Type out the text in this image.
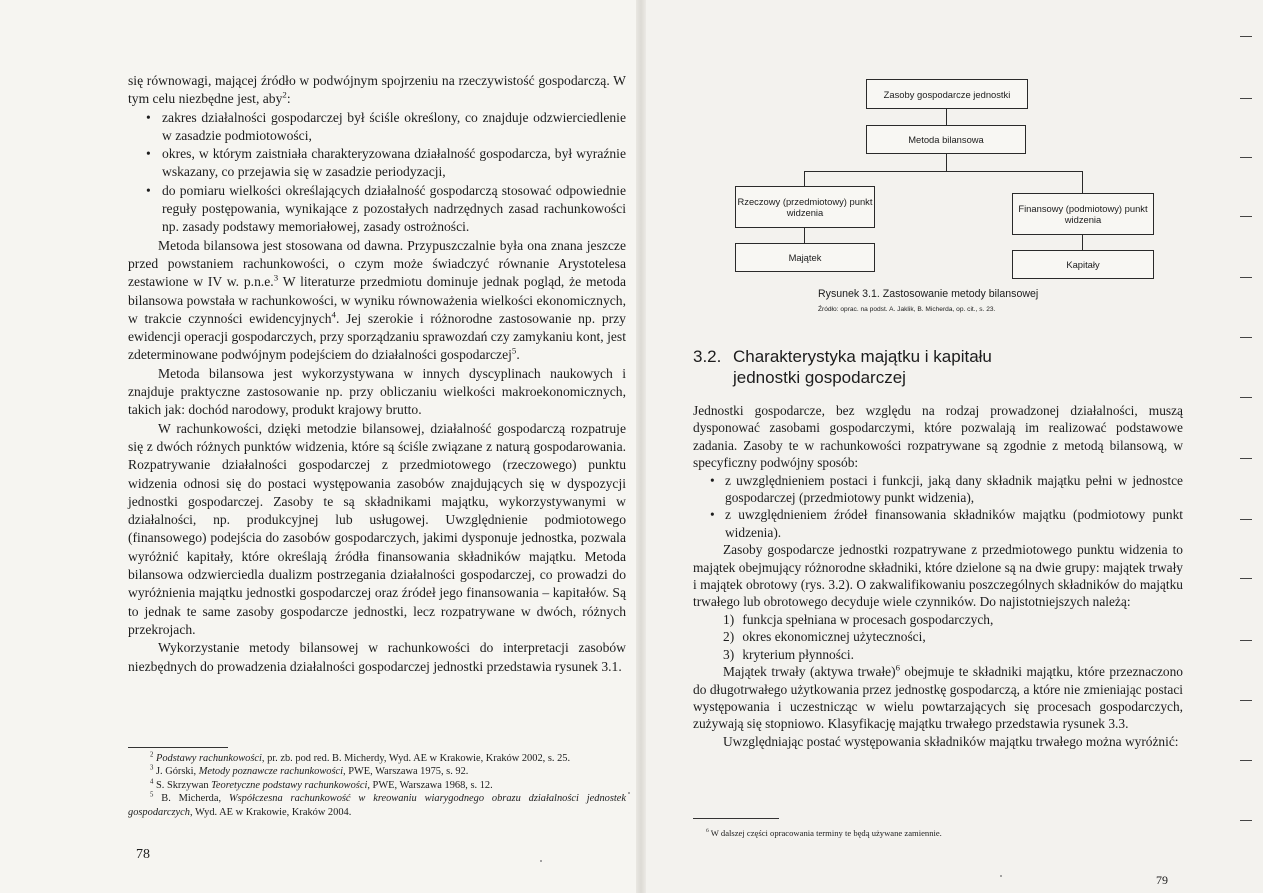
się równowagi, mającej źródło w podwójnym spojrzeniu na rzeczywistość gospodarczą. W tym celu niezbędne jest, aby$^2$:

• zakres działalności gospodarczej był ściśle określony, co znajduje odzwierciedlenie w zasadzie podmiotowości,
• okres, w którym zaistniała charakteryzowana działalność gospodarcza, był wyraźnie wskazany, co przejawia się w zasadzie periodyzacji,
• do pomiaru wielkości określających działalność gospodarczą stosować odpowiednie reguły postępowania, wynikające z pozostałych nadrzędnych zasad rachunkowości np. zasady podstawy memoriałowej, zasady ostrożności.

Metoda bilansowa jest stosowana od dawna. Przypuszczalnie była ona znana jeszcze przed powstaniem rachunkowości, o czym może świadczyć równanie Arystotelesa zestawione w IV w. p.n.e.$^3$ W literaturze przedmiotu dominuje jednak pogląd, że metoda bilansowa powstała w rachunkowości, w wyniku równoważenia wielkości ekonomicznych, w trakcie czynności ewidencyjnych$^4$. Jej szerokie i różnorodne zastosowanie np. przy ewidencji operacji gospodarczych, przy sporządzaniu sprawozdań czy zamykaniu kont, jest zdeterminowane podwójnym podejściem do działalności gospodarczej$^5$.

Metoda bilansowa jest wykorzystywana w innych dyscyplinach naukowych i znajduje praktyczne zastosowanie np. przy obliczaniu wielkości makroekonomicznych, takich jak: dochód narodowy, produkt krajowy brutto.

W rachunkowości, dzięki metodzie bilansowej, działalność gospodarczą rozpatruje się z dwóch różnych punktów widzenia, które są ściśle związane z naturą gospodarowania. Rozpatrywanie działalności gospodarczej z przedmiotowego (rzeczowego) punktu widzenia odnosi się do postaci występowania zasobów znajdujących się w dyspozycji jednostki gospodarczej. Zasoby te są składnikami majątku, wykorzystywanymi w działalności, np. produkcyjnej lub usługowej. Uwzględnienie podmiotowego (finansowego) podejścia do zasobów gospodarczych, jakimi dysponuje jednostka, pozwala wyróżnić kapitały, które określają źródła finansowania składników majątku. Metoda bilansowa odzwierciedla dualizm postrzegania działalności gospodarczej, co prowadzi do wyróżnienia majątku jednostki gospodarczej oraz źródeł jego finansowania – kapitałów. Są to jednak te same zasoby gospodarcze jednostki, lecz rozpatrywane w dwóch, różnych przekrojach.

Wykorzystanie metody bilansowej w rachunkowości do interpretacji zasobów niezbędnych do prowadzenia działalności gospodarczej jednostki przedstawia rysunek 3.1.

$^2$ Podstawy rachunkowości, pr. zb. pod red. B. Micherdy, Wyd. AE w Krakowie, Kraków 2002, s. 25.

$^3$ J. Górski, Metody poznawcze rachunkowości, PWE, Warszawa 1975, s. 92.

$^4$ S. Skrzywan Teoretyczne podstawy rachunkowości, PWE, Warszawa 1968, s. 12.

$^5$ B. Micherda, Współczesna rachunkowość w kreowaniu wiarygodnego obrazu działalności jednostek gospodarczych, Wyd. AE w Krakowie, Kraków 2004.

78
Zasoby gospodarcze jednostki
Metoda bilansowa
Rzeczowy (przedmiotowy) punkt widzenia	Finansowy (podmiotowy) punkt widzenia
Majątek
Kapitały
Rysunek 3.1. Zastosowanie metody bilansowej
Źródło: oprac. na podst. A. Jaklik, B. Micherda, op. cit., s. 23.
3.2. Charakterystyka majątku i kapitału jednostki gospodarczej

Jednostki gospodarcze, bez względu na rodzaj prowadzonej działalności, muszą dysponować zasobami gospodarczymi, które pozwalają im realizować podstawowe zadania. Zasoby te w rachunkowości rozpatrywane są zgodnie z metodą bilansową, w specyficzny podwójny sposób:

• z uwzględnieniem postaci i funkcji, jaką dany składnik majątku pełni w jednostce gospodarczej (przedmiotowy punkt widzenia),
• z uwzględnieniem źródeł finansowania składników majątku (podmiotowy punkt widzenia).

Zasoby gospodarcze jednostki rozpatrywane z przedmiotowego punktu widzenia to majątek obejmujący różnorodne składniki, które dzielone są na dwie grupy: majątek trwały i majątek obrotowy (rys. 3.2). O zakwalifikowaniu poszczególnych składników do majątku trwałego lub obrotowego decyduje wiele czynników. Do najistotniejszych należą:

1) funkcja spełniana w procesach gospodarczych,
2) okres ekonomicznej użyteczności,
3) kryterium płynności.

Majątek trwały (aktywa trwałe)$^6$ obejmuje te składniki majątku, które przeznaczono do długotrwałego użytkowania przez jednostkę gospodarczą, a które nie zmieniając postaci występowania i uczestnicząc w wielu powtarzających się procesach gospodarczych, zużywają się stopniowo. Klasyfikację majątku trwałego przedstawia rysunek 3.3.

Uwzględniając postać występowania składników majątku trwałego można wyróżnić:

$^6$ W dalszej części opracowania terminy te będą używane zamiennie.
79
